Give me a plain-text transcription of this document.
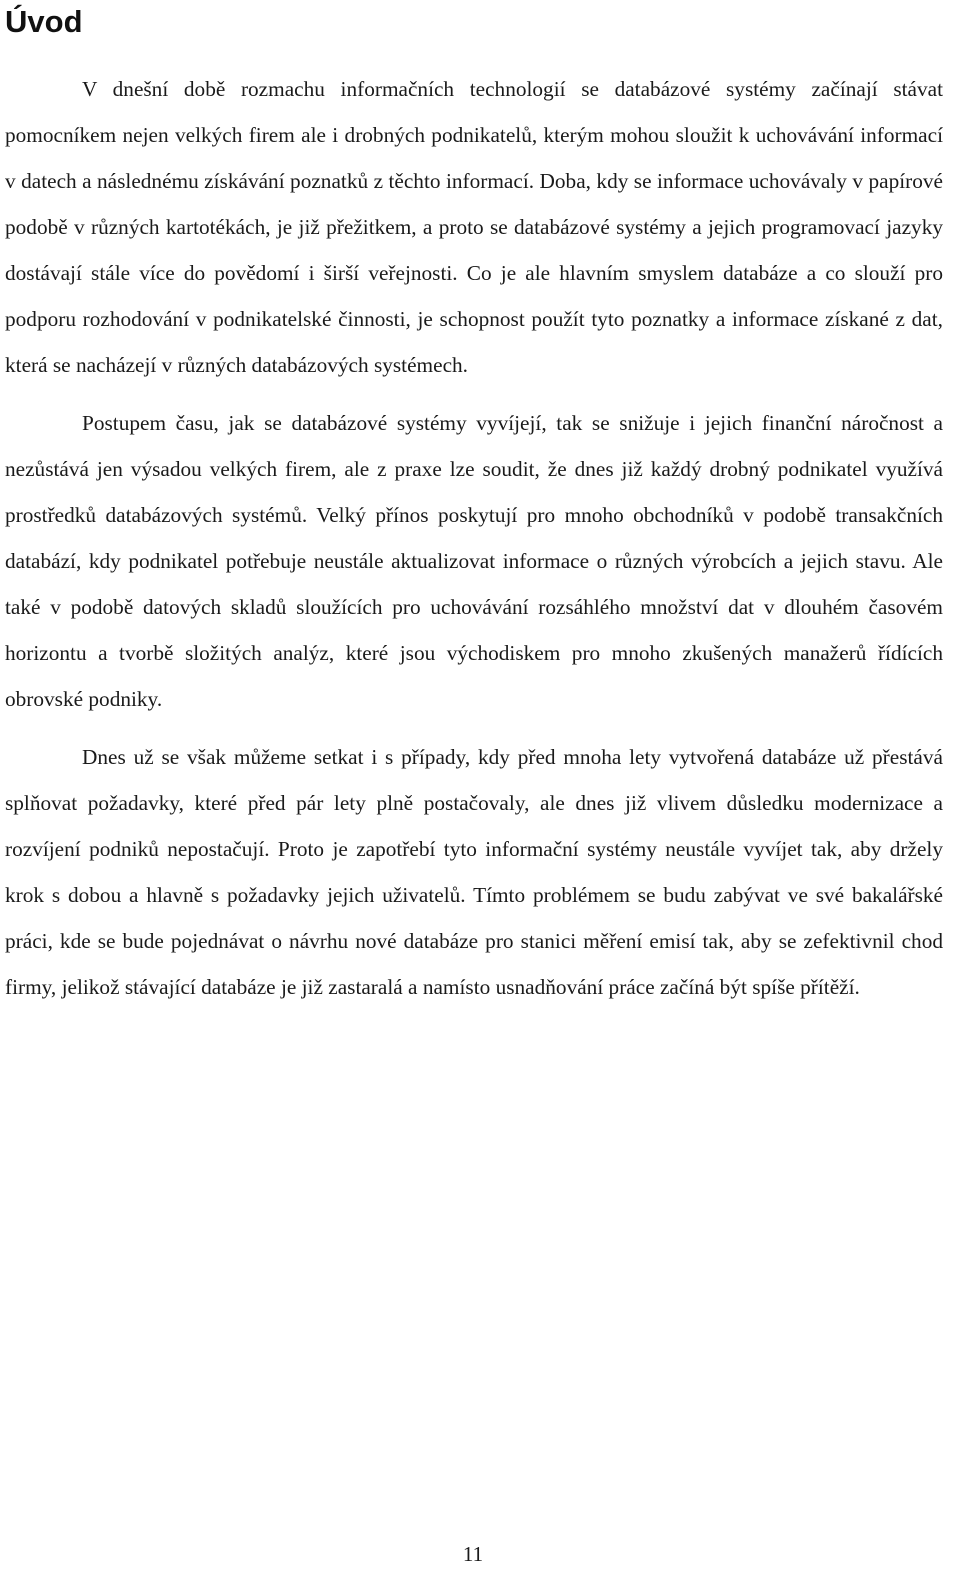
Úvod

V dnešní době rozmachu informačních technologií se databázové systémy začínají stávat pomocníkem nejen velkých firem ale i drobných podnikatelů, kterým mohou sloužit k uchovávání informací v datech a následnému získávání poznatků z těchto informací. Doba, kdy se informace uchovávaly v papírové podobě v různých kartotékách, je již přežitkem, a proto se databázové systémy a jejich programovací jazyky dostávají stále více do povědomí i širší veřejnosti. Co je ale hlavním smyslem databáze a co slouží pro podporu rozhodování v podnikatelské činnosti, je schopnost použít tyto poznatky a informace získané z dat, která se nacházejí v různých databázových systémech.

Postupem času, jak se databázové systémy vyvíjejí, tak se snižuje i jejich finanční náročnost a nezůstává jen výsadou velkých firem, ale z praxe lze soudit, že dnes již každý drobný podnikatel využívá prostředků databázových systémů. Velký přínos poskytují pro mnoho obchodníků v podobě transakčních databází, kdy podnikatel potřebuje neustále aktualizovat informace o různých výrobcích a jejich stavu. Ale také v podobě datových skladů sloužících pro uchovávání rozsáhlého množství dat v dlouhém časovém horizontu a tvorbě složitých analýz, které jsou východiskem pro mnoho zkušených manažerů řídících obrovské podniky.

Dnes už se však můžeme setkat i s případy, kdy před mnoha lety vytvořená databáze už přestává splňovat požadavky, které před pár lety plně postačovaly, ale dnes již vlivem důsledku modernizace a rozvíjení podniků nepostačují. Proto je zapotřebí tyto informační systémy neustále vyvíjet tak, aby držely krok s dobou a hlavně s požadavky jejich uživatelů. Tímto problémem se budu zabývat ve své bakalářské práci, kde se bude pojednávat o návrhu nové databáze pro stanici měření emisí tak, aby se zefektivnil chod firmy, jelikož stávající databáze je již zastaralá a namísto usnadňování práce začíná být spíše přítěží.

11
